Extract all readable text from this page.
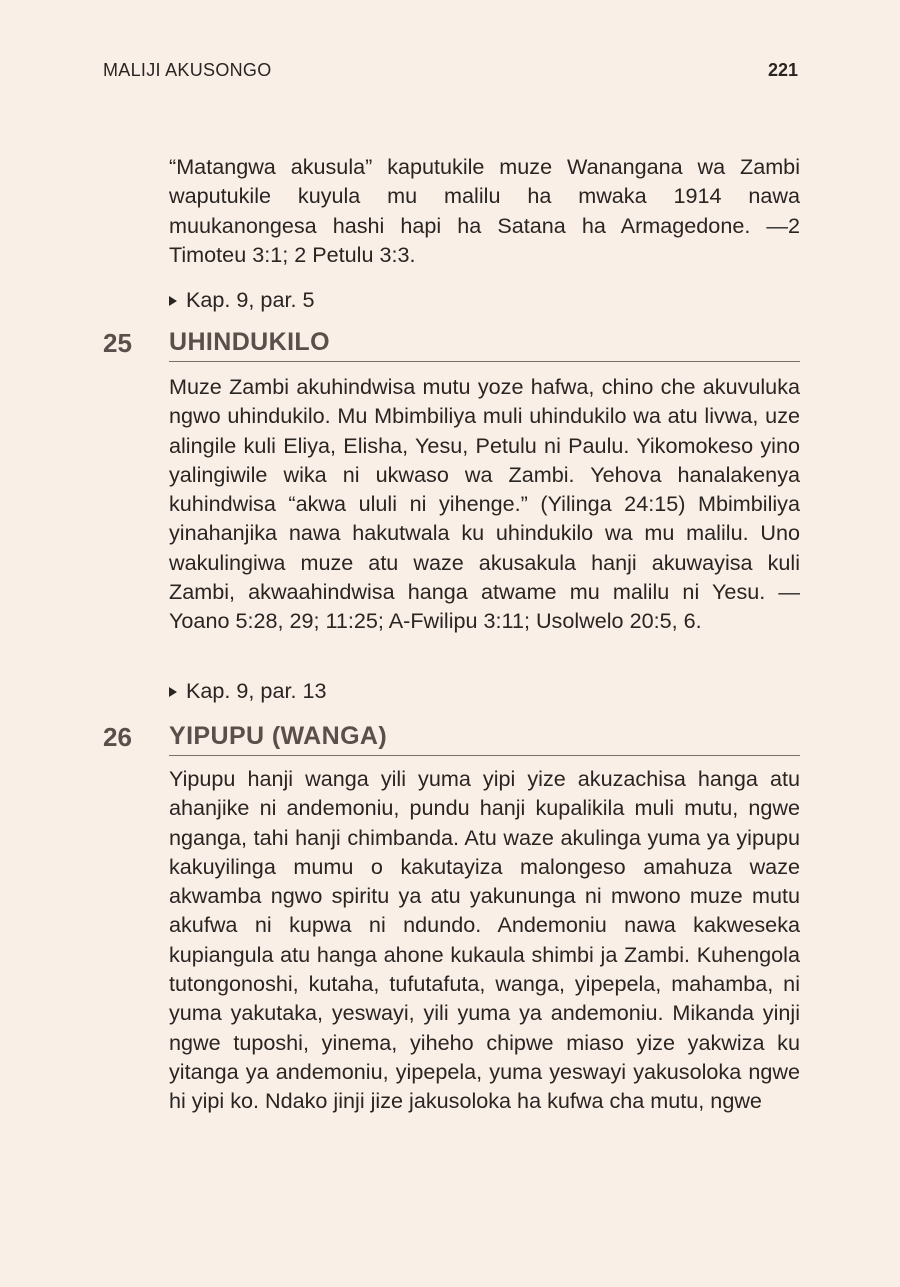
MALIJI AKUSONGO	221
“Matangwa akusula” kaputukile muze Wanangana wa Zambi waputukile kuyula mu malilu ha mwaka 1914 nawa muukanongesa hashi hapi ha Satana ha Armagedone. —2 Timoteu 3:1; 2 Petulu 3:3.
Kap. 9, par. 5
25 UHINDUKILO
Muze Zambi akuhindwisa mutu yoze hafwa, chino che akuvuluka ngwo uhindukilo. Mu Mbimbiliya muli uhindukilo wa atu livwa, uze alingile kuli Eliya, Elisha, Yesu, Petulu ni Paulu. Yikomokeso yino yalingiwile wika ni ukwaso wa Zambi. Yehova hanalakenya kuhindwisa “akwa ululi ni yihenge.” (Yilinga 24:15) Mbimbiliya yinahanjika nawa hakutwala ku uhindukilo wa mu malilu. Uno wakulingiwa muze atu waze akusakula hanji akuwayisa kuli Zambi, akwaahindwisa hanga atwame mu malilu ni Yesu. —Yoano 5:28, 29; 11:25; A-Fwilipu 3:11; Usolwelo 20:5, 6.
Kap. 9, par. 13
26 YIPUPU (WANGA)
Yipupu hanji wanga yili yuma yipi yize akuzachisa hanga atu ahanjike ni andemoniu, pundu hanji kupalikila muli mutu, ngwe nganga, tahi hanji chimbanda. Atu waze akulinga yuma ya yipupu kakuyilinga mumu o kakutayiza malongeso amahuza waze akwamba ngwo spiritu ya atu yakununga ni mwono muze mutu akufwa ni kupwa ni ndundo. Andemoniu nawa kakweseka kupiangula atu hanga ahone kukaula shimbi ja Zambi. Kuhengola tutongonoshi, kutaha, tufutafuta, wanga, yipepela, mahamba, ni yuma yakutaka, yeswayi, yili yuma ya andemoniu. Mikanda yinji ngwe tuposhi, yinema, yiheho chipwe miaso yize yakwiza ku yitanga ya andemoniu, yipepela, yuma yeswayi yakusoloka ngwe hi yipi ko. Ndako jinji jize jakusoloka ha kufwa cha mutu, ngwe
